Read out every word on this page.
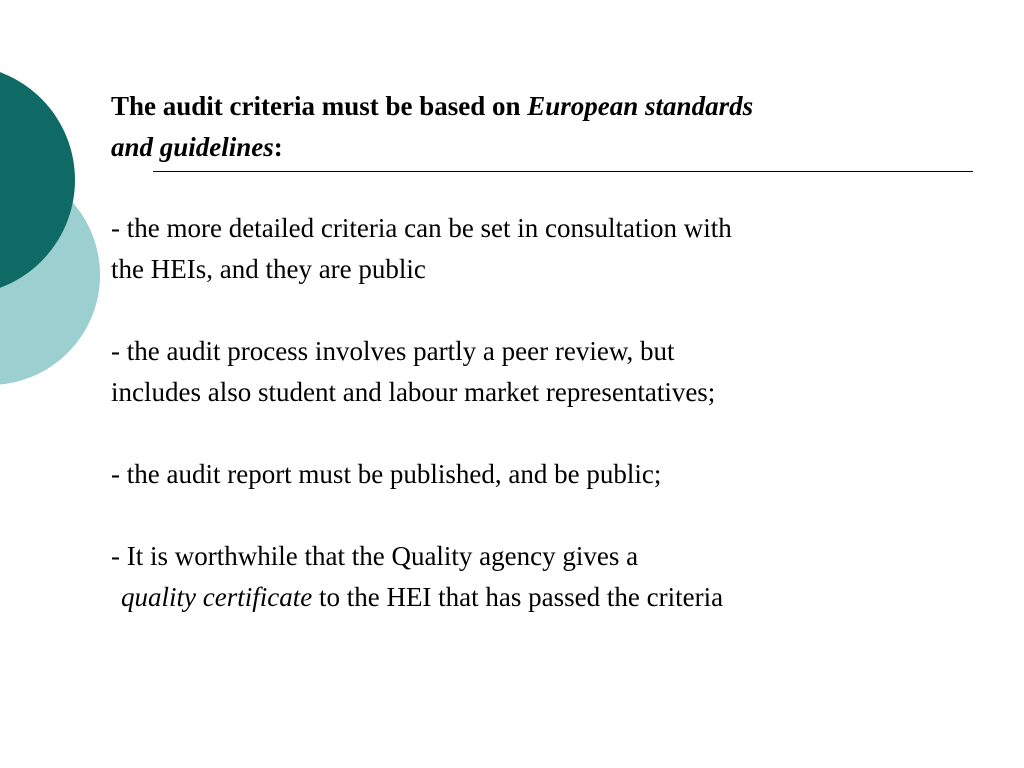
The audit criteria must be based on European standards
and guidelines:

- the more detailed criteria can be set in consultation with
the HEIs, and they are public

- the audit process involves partly a peer review, but
includes also student and labour market representatives;

- the audit report must be published, and be public;

- It is worthwhile that the Quality agency gives a
quality certificate to the HEI that has passed the criteria
